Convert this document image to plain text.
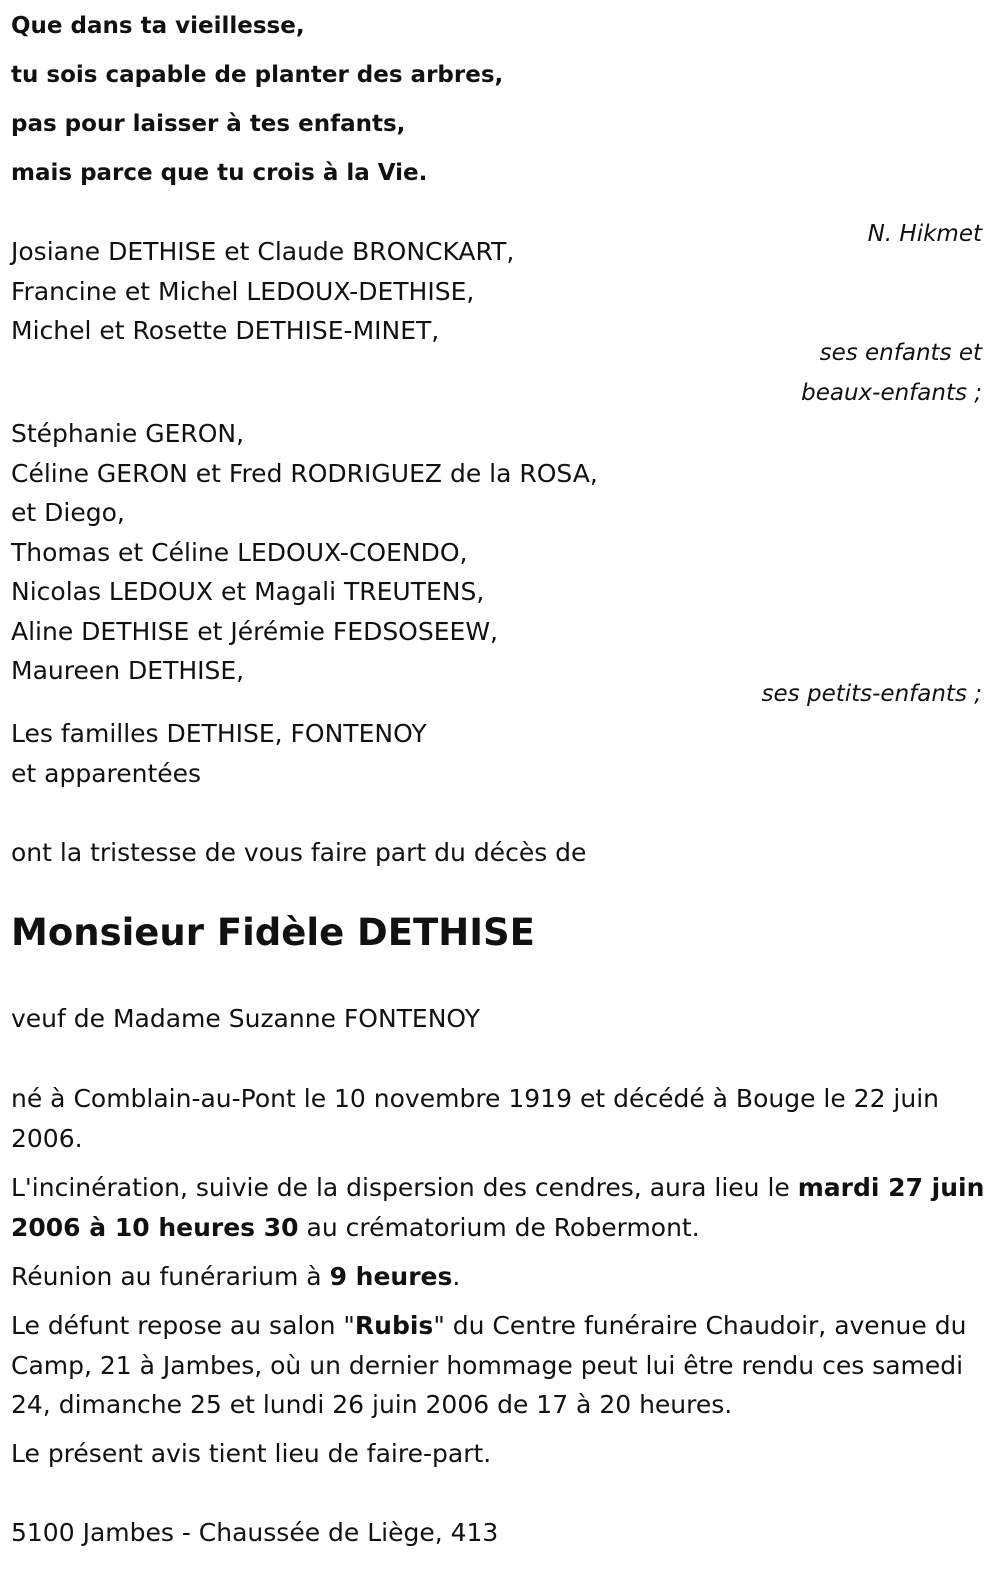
Que dans ta vieillesse,
tu sois capable de planter des arbres,
pas pour laisser à tes enfants,
mais parce que tu crois à la Vie.
N. Hikmet
Josiane DETHISE et Claude BRONCKART,
Francine et Michel LEDOUX-DETHISE,
Michel et Rosette DETHISE-MINET,
ses enfants et
beaux-enfants ;
Stéphanie GERON,
Céline GERON et Fred RODRIGUEZ de la ROSA,
et Diego,
Thomas et Céline LEDOUX-COENDO,
Nicolas LEDOUX et Magali TREUTENS,
Aline DETHISE et Jérémie FEDSOSEEW,
Maureen DETHISE,
ses petits-enfants ;
Les familles DETHISE, FONTENOY
et apparentées
ont la tristesse de vous faire part du décès de
Monsieur Fidèle DETHISE
veuf de Madame Suzanne FONTENOY
né à Comblain-au-Pont le 10 novembre 1919 et décédé à Bouge le 22 juin 2006.
L'incinération, suivie de la dispersion des cendres, aura lieu le mardi 27 juin 2006 à 10 heures 30 au crématorium de Robermont.
Réunion au funérarium à 9 heures.
Le défunt repose au salon "Rubis" du Centre funéraire Chaudoir, avenue du Camp, 21 à Jambes, où un dernier hommage peut lui être rendu ces samedi 24, dimanche 25 et lundi 26 juin 2006 de 17 à 20 heures.
Le présent avis tient lieu de faire-part.
5100 Jambes - Chaussée de Liège, 413
